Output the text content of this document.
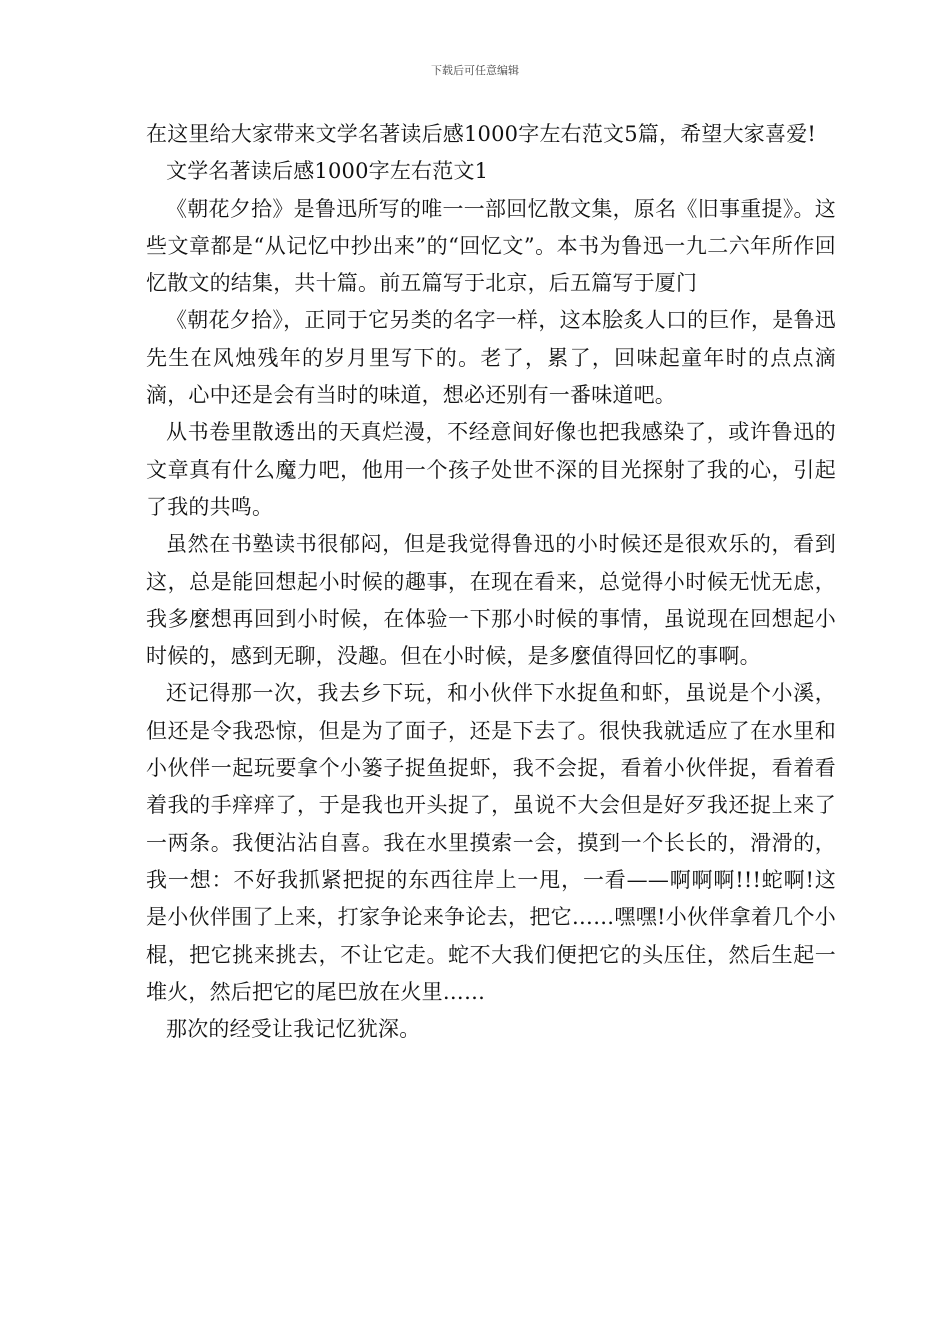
下载后可任意编辑

在这里给大家带来文学名著读后感1000字左右范文5篇，希望大家喜爱!

文学名著读后感1000字左右范文1

《朝花夕拾》是鲁迅所写的唯一一部回忆散文集，原名《旧事重提》。这些文章都是“从记忆中抄出来”的“回忆文”。本书为鲁迅一九二六年所作回忆散文的结集，共十篇。前五篇写于北京，后五篇写于厦门

《朝花夕拾》，正同于它另类的名字一样，这本脍炙人口的巨作，是鲁迅先生在风烛残年的岁月里写下的。老了，累了，回味起童年时的点点滴滴，心中还是会有当时的味道，想必还别有一番味道吧。

从书卷里散透出的天真烂漫，不经意间好像也把我感染了，或许鲁迅的文章真有什么魔力吧，他用一个孩子处世不深的目光探射了我的心，引起了我的共鸣。

虽然在书塾读书很郁闷，但是我觉得鲁迅的小时候还是很欢乐的，看到这，总是能回想起小时候的趣事，在现在看来，总觉得小时候无忧无虑，我多麼想再回到小时候，在体验一下那小时候的事情，虽说现在回想起小时候的，感到无聊，没趣。但在小时候，是多麼值得回忆的事啊。

还记得那一次，我去乡下玩，和小伙伴下水捉鱼和虾，虽说是个小溪，但还是令我恐惊，但是为了面子，还是下去了。很快我就适应了在水里和小伙伴一起玩要拿个小篓子捉鱼捉虾，我不会捉，看着小伙伴捉，看着看着我的手痒痒了，于是我也开头捉了，虽说不大会但是好歹我还捉上来了一两条。我便沾沾自喜。我在水里摸索一会，摸到一个长长的，滑滑的，我一想：不好我抓紧把捉的东西往岸上一甩，一看——啊啊啊!!!蛇啊!这是小伙伴围了上来，打家争论来争论去，把它……嘿嘿!小伙伴拿着几个小棍，把它挑来挑去，不让它走。蛇不大我们便把它的头压住，然后生起一堆火，然后把它的尾巴放在火里……

那次的经受让我记忆犹深。
